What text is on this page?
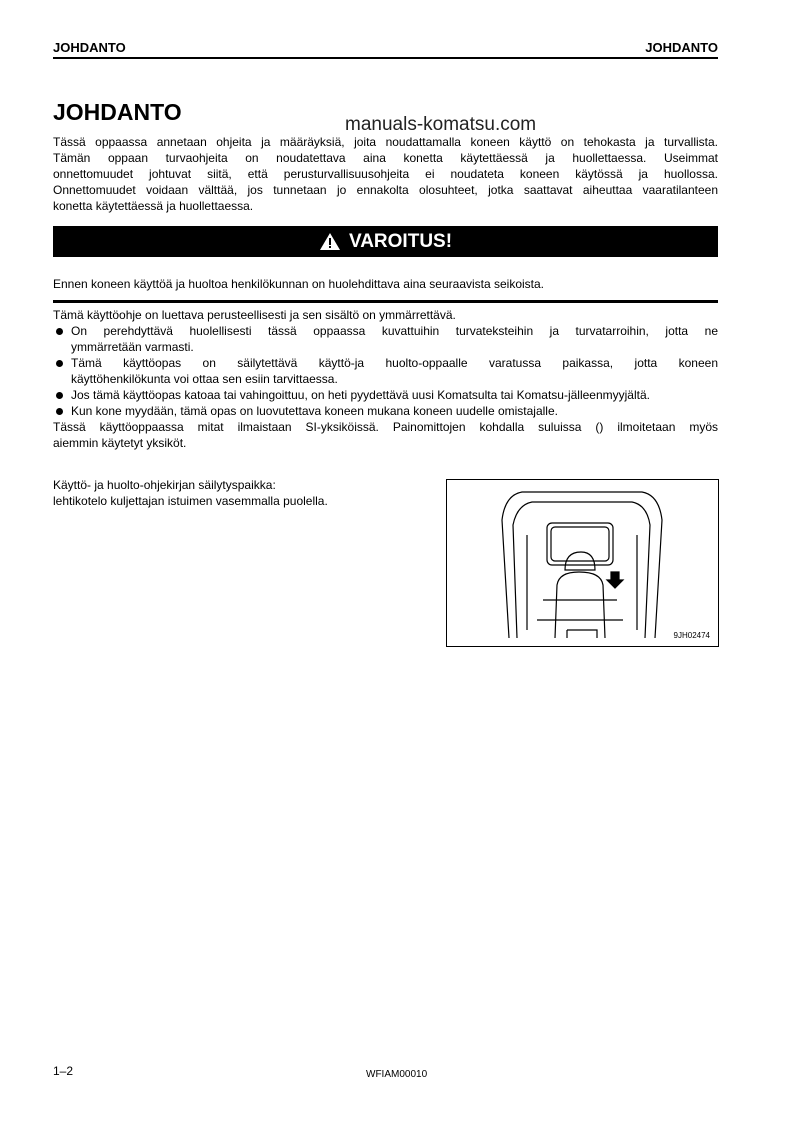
JOHDANTO	JOHDANTO
JOHDANTO	manuals-komatsu.com
Tässä oppaassa annetaan ohjeita ja määräyksiä, joita noudattamalla koneen käyttö on tehokasta ja turvallista.
Tämän oppaan turvaohjeita on noudatettava aina konetta käytettäessä ja huollettaessa. Useimmat
onnettomuudet johtuvat siitä, että perusturvallisuusohjeita ei noudateta koneen käytössä ja huollossa.
Onnettomuudet voidaan välttää, jos tunnetaan jo ennakolta olosuhteet, jotka saattavat aiheuttaa vaaratilanteen
konetta käytettäessä ja huollettaessa.
VAROITUS!
Ennen koneen käyttöä ja huoltoa henkilökunnan on huolehdittava aina seuraavista seikoista.
Tämä käyttöohje on luettava perusteellisesti ja sen sisältö on ymmärrettävä.
On perehdyttävä huolellisesti tässä oppaassa kuvattuihin turvateksteihin ja turvatarroihin, jotta ne
ymmärretään varmasti.
Tämä käyttöopas on säilytettävä käyttö-ja huolto-oppaalle varatussa paikassa, jotta koneen
käyttöhenkilökunta voi ottaa sen esiin tarvittaessa.
Jos tämä käyttöopas katoaa tai vahingoittuu, on heti pyydettävä uusi Komatsulta tai Komatsu-jälleenmyyjältä.
Kun kone myydään, tämä opas on luovutettava koneen mukana koneen uudelle omistajalle.
Tässä käyttöoppaassa mitat ilmaistaan SI-yksiköissä. Painomittojen kohdalla suluissa () ilmoitetaan myös
aiemmin käytetyt yksiköt.
Käyttö- ja huolto-ohjekirjan säilytyspaikka:
lehtikotelo kuljettajan istuimen vasemmalla puolella.
9JH02474
1–2	WFIAM00010
